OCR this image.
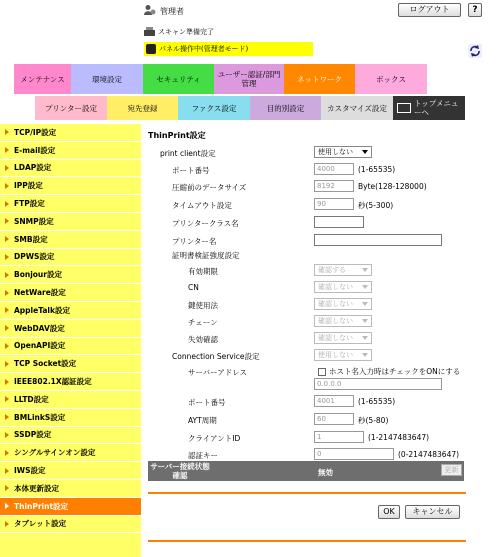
管理者	ログアウト	?
スキャン準備完了
パネル操作中(管理者モード)
メンテナンス	環境設定	セキュリティ	ユーザー認証/部門管理	ネットワーク	ボックス
プリンター設定	宛先登録	ファクス設定	目的別設定	カスタマイズ設定	トップメニューへ
TCP/IP設定
E-mail設定
LDAP設定
IPP設定
FTP設定
SNMP設定
SMB設定
DPWS設定
Bonjour設定
NetWare設定
AppleTalk設定
WebDAV設定
OpenAPI設定
TCP Socket設定
IEEE802.1X認証設定
LLTD設定
BMLinkS設定
SSDP設定
シングルサインオン設定
IWS設定
本体更新設定
ThinPrint設定
タブレット設定
ThinPrint設定
print client設定	使用しない
ポート番号	4000	(1-65535)
圧縮前のデータサイズ	8192	Byte(128-128000)
タイムアウト設定	90	秒(5-300)
プリンタークラス名
プリンター名
証明書検証強度設定
有効期限	確認する
CN	確認しない
鍵使用法	確認しない
チェーン	確認しない
失効確認	確認しない
Connection Service設定	使用しない
サーバーアドレス	ホスト名入力時はチェックをONにする
0.0.0.0
ポート番号	4001	(1-65535)
AYT周期	60	秒(5-80)
クライアントID	1	(1-2147483647)
認証キー	0	(0-2147483647)
サーバー接続状態確認	無効	更新
OK	キャンセル
